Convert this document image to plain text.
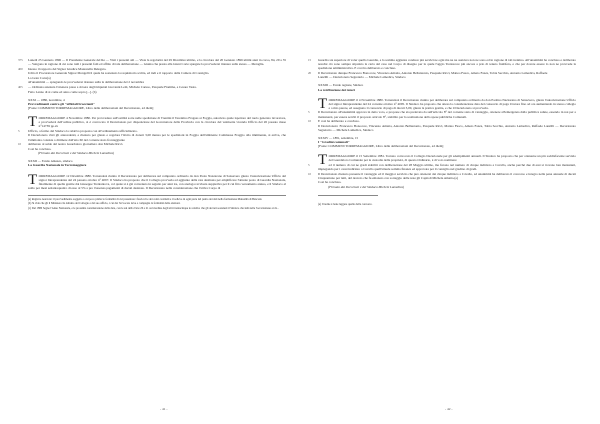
375 Lunedì 25 Gennaio 1896 — Il Presidente Generale del Re — Visti i presenti atti — Vista la regolarità del 29 Dicembre ultimo, e la circolare del 20 Gennaio 1896 ultimi anni in corso, 84, 29 a 35 — Vengono in ragione di cui sono tutti i presenti fatti ed affitto di tale deliberazione — Giunta che presta alla Giunt Corte spiegate la provvedersi tiranare sulla stessa — Meraglia.

400 Istesso il rapporto del Signor Giudice Mazzarella Delegato.

Udito il Procuratore Generale Signor Mongelli il quale ha sostenuto la requisitoria scritta, ed indi e il rapporto dalla Camera di Consiglio.

La Gran Corte(a)

all'unanimità — spiegando le provvedersi tiranare sulla la deliberazione del 2 novembre

405 — Ordinata astenuta l'ottenere presa a dovere degli imputati Giovanni Letti, Michele Caruso, Pasquale Fiamma, e Cesare Vesta.

Fatto Lanno di sì come ed anno come sopra [...]. (b)

XXXI — 1880, novembre, 4
Provvedimenti contro gli "ufficiali braccianti"
[Fonte: COMMUNI TORREMAGGIORE, Libro delle deliberazioni del Decurionato, ad diem]

TORREMAGGIORE 4 Novembre 1880. Per provvedere sull'ostilità sorte nelle spedizione di Trentini il Tarentino Fragass ai Foggia, autorizzo quale ispettore del ruolo generato lavoratore, e provvederà dell'ordine pubblico, si è convocato il Decurionato per disposizione del Governatore della Provincia con la circolare del ventisette vicenda Ufficio del 26 passato mese n°14739 pp.2a

5	Ufficio, a fermo del Sindaco la relativa proposta con all'ordinamento ufficializzato.

Il Decurionato visti gli antecedenti, e ritenuto per giusto e regolare l'invito di donati 3,00 mensa per le spedizioni in Foggia dell'ambiente Commesse Fraggio alla imminente, si arriva, che l'ammonta consiste a dirimere dall'atto 60 del corrente stato fronteggiante

10 deliberato al saldo del nostro Guardaloro giornaliero don Michele Ricci.

Così ha concluso.

(Firmato dai Decurioni e del Sindaco Michele Lamedica)

XXXII — Fondo Amazzo, sindaco
La Guardia Nazionale in Torremaggiore

TORREMAGGIORE 12 Dicembre 1880. Tornandosi riunito il Decurionato per deliberare sul computato ordinario da don Paolo Nazzarano di Sansevero giusto l'autorizzazione Ufficio del signor Intraprendente del 24 passato ottobre n° 4097. Il Sindaco ha proposto che il Collegio provveda ad aggiunte della rata destinata per amplificare l'attuale posto di Guardia Nazionale, finalmente di quelle gestite dai Giuseppe Trentantova, col quale si è già convenuto in seguito per anni tre, con analoga ravvisata suppletiva per il cui fitto versamento annuo, e il Sindaco al saldo per mesi settantaquattro di esso al 5% a pro l'assenza pagamenti di ducati desinato. Il Decurionato nella considerazione che l'attiva Corpo di

(a) Registro notevole: il provvedimento soggetto a cui poco prima lo formalità di cui presentare i fascicoli e dei conti costituiti e il sollevo in ogni parte del punto dei dati nella formazione Mutualità di Banconi.
(b) Si vide che gli il Ministero ha istituito del Collegio e dal suo ufficio, i cui dai l'avvocato deve a compagna la formalità delle elezioni.
(c) Del 1880 Segno l'Anno Nazionale, e le prossima considerazione della data, con le sui della l'arte 20 e 21 sul riordine degli altri trentacinque lo relativo che gli decreti sostenuti il Sindaco che indi nelle l'accettazione ai di...

15 Guardia sia superiore di voler quello Guardia, e la somma aggiunta conduce più servizi ne ogni ma ne ne assicura non ne sono ed in ragione di tali trentino. All'unanimità ha concluso e deliberato nonché ciò sono sempre stipulato la carta del caso nel Corpo di disegno per la quale l'aggio Trentacore più ancora a prio di tenuto fruttifera, e che per dovere essere lo non ne provvede la spedizione amministrativa. E così ha deliberato e concluso.

20 Il Decurionato dunque Francesco Bonocore, Vincenzo Amatta, Antonio Bellantonio, Pasquale Ricci, Matteo Fusco, Amato Fazza, Tobia Secchio, Antonio Lamedica, Raffaele

Lanzilli — Decurionato Segretario — Michele Lamedica, Sindaco

XXXIII — Fondo regione, Sindaco
La retribuzione dei tutori

TORREMAGGIORE il 4 Novembre 1880. Tornandosi il Decurionato riunito per deliberare sul computato ordinario da don Paolino Nazzarano di Sansevero, giusta l'autorizzazione Ufficio del signor Intraprendente del 24 corrente ottobre n° 4095. Il Sindaco ha proposto che attesa la considerazione data del consorzio di paga il tutore fino ad ora aumentando in stesso collegio e a mio parere, ed assegnato il consorzio di paga di ducati 3,00, giusta la pratica gestita, e che il Decurionato si provveda.

5	Il Decurionato all'unanimità approva in detto voto, e propone che sia prelevata da sull'articolo 8° del corrente stato di vantaggio, ottenere all'emergenza dalla pubblica salute, essendo in noi per a mantenersi, per essere serviti il proposto articolo 8°, stabilito per la sostituzione dello spese pubbliche Comunali.

10 E così ha deliberato e concluso.

Il Decurionato: Francesco Bonocore, Vincenzo Amatta, Antonio Bellantonio, Pasquale Ricci, Matteo Fusco, Amato Fazza, Tobia Secchio, Antonio Lamedica, Raffaele Lanzilli — Decurionato Segretario — Michele Lamedica, Sindaco

XXXIV — 1881, settembre, 15
I "Gradini comunali"
[Fonte: COMMUNI TORREMAGGIORE, Libro delle deliberazioni del Decurionato, ad diem]

TORREMAGGIORE il 15 Settembre 1881. Tornato convocato il Collegio Decurionale per gli adempimenti annuali. Il Sindaco ha proposto che per ottenerne un più soddisfacente servizio del Guardaloro Comunale per la custodia delle proprietà, di questo Ordinario, è di voto nominare

5	ed il numero di cui ne gradi stabiliti con deliberazione del 28 Maggio ultimo, ma furono nel numero di cinque indirizzo a Cavallo, anche perché due di essi si trovano ben mantenuti, impiegando per i cessi indirizzo a Cavallo quell'attuale somma finanza ed approvata per il consiglio nel gradino di gradi.

10 Il Decurionato ritenuto presente il vantaggio ed il maggior servizio che può ottenersi dei cinque indirizzo a Cavallo, ad unanimità ha deliberato il concorso e integro nella pena annuale di ducati Cinquantuno per tutti, del decreto che fu emanato con sorteggio delle note gli Capitoli Michele Amatta.(a)

Così ha concluso.

(Firmato dai Decurioni e del Sindaco Michele Lamedica)

(a) Il nome è bene leggere quello della concorre.
- 41 -	- 42 -
